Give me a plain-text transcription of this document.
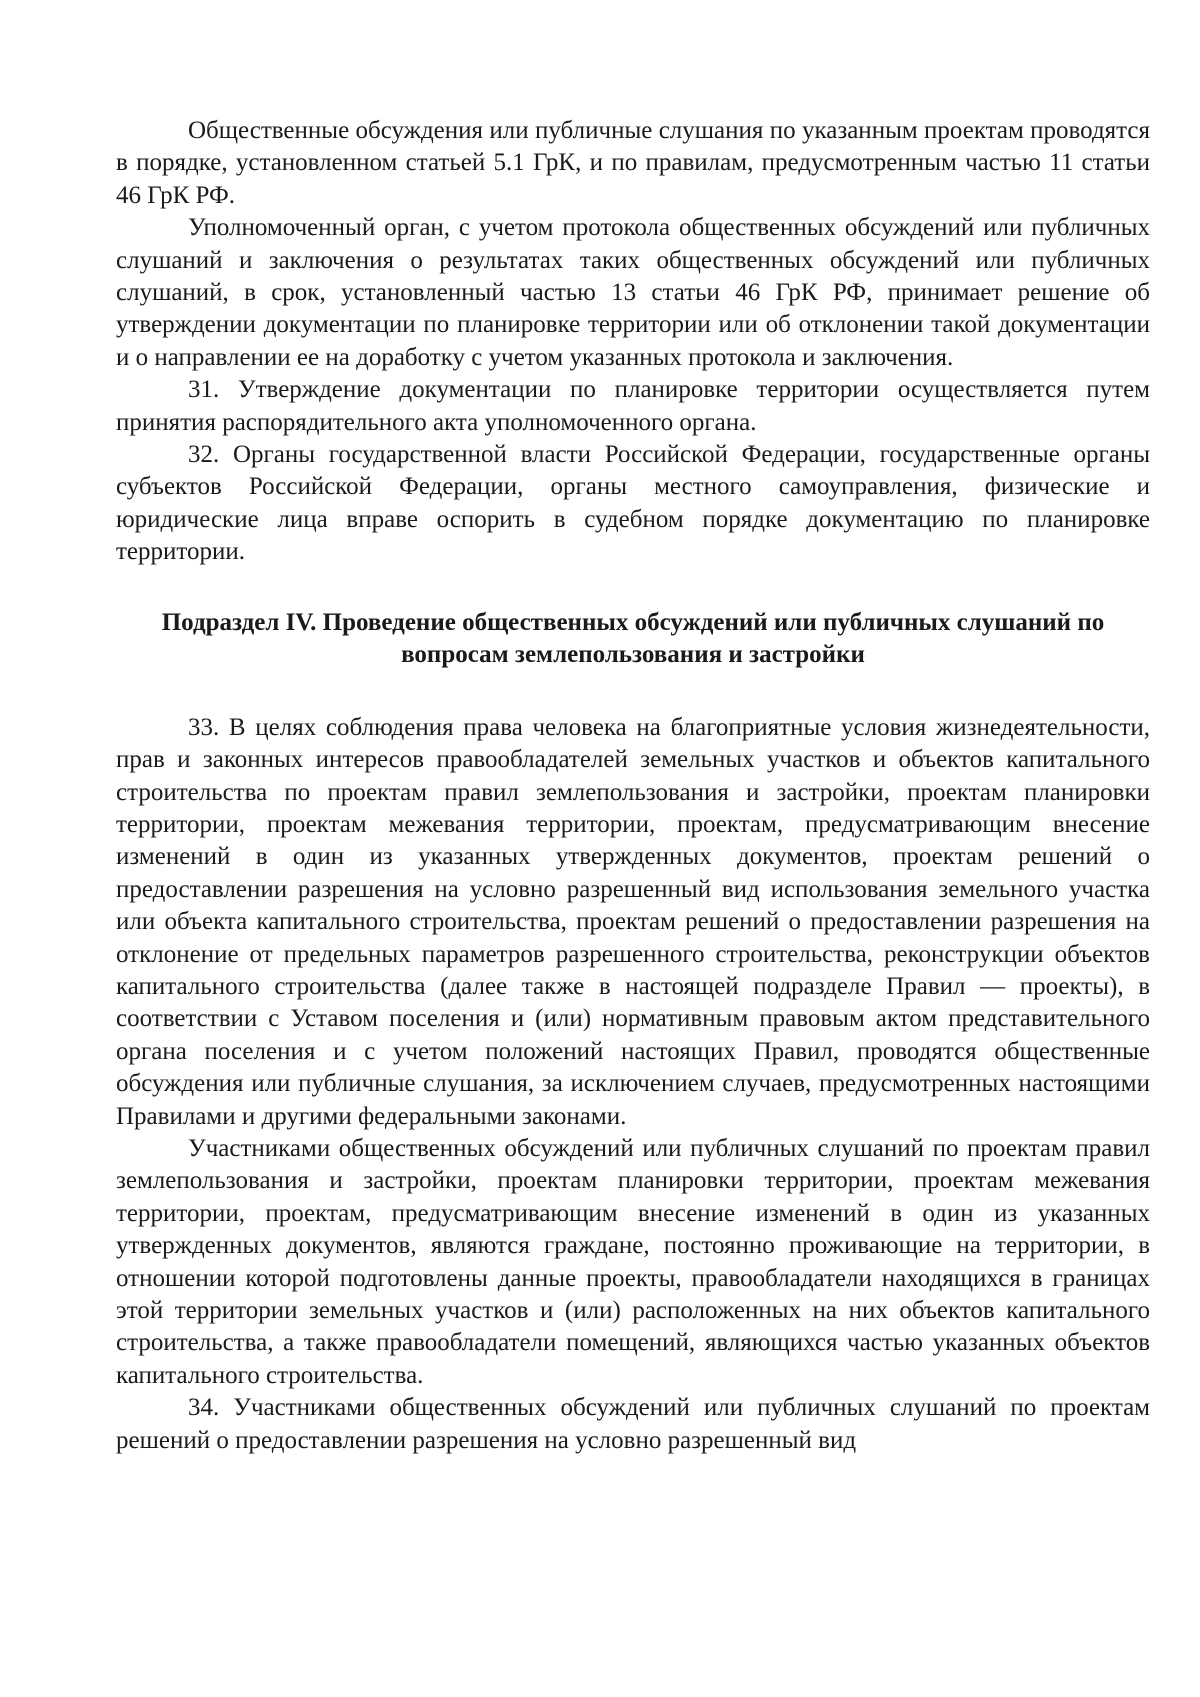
Общественные обсуждения или публичные слушания по указанным проектам проводятся в порядке, установленном статьей 5.1 ГрК, и по правилам, предусмотренным частью 11 статьи 46 ГрК РФ.

Уполномоченный орган, с учетом протокола общественных обсуждений или публичных слушаний и заключения о результатах таких общественных обсуждений или публичных слушаний, в срок, установленный частью 13 статьи 46 ГрК РФ, принимает решение об утверждении документации по планировке территории или об отклонении такой документации и о направлении ее на доработку с учетом указанных протокола и заключения.

31. Утверждение документации по планировке территории осуществляется путем принятия распорядительного акта уполномоченного органа.

32. Органы государственной власти Российской Федерации, государственные органы субъектов Российской Федерации, органы местного самоуправления, физические и юридические лица вправе оспорить в судебном порядке документацию по планировке территории.

Подраздел IV. Проведение общественных обсуждений или публичных слушаний по вопросам землепользования и застройки

33. В целях соблюдения права человека на благоприятные условия жизнедеятельности, прав и законных интересов правообладателей земельных участков и объектов капитального строительства по проектам правил землепользования и застройки, проектам планировки территории, проектам межевания территории, проектам, предусматривающим внесение изменений в один из указанных утвержденных документов, проектам решений о предоставлении разрешения на условно разрешенный вид использования земельного участка или объекта капитального строительства, проектам решений о предоставлении разрешения на отклонение от предельных параметров разрешенного строительства, реконструкции объектов капитального строительства (далее также в настоящей подразделе Правил — проекты), в соответствии с Уставом поселения и (или) нормативным правовым актом представительного органа поселения и с учетом положений настоящих Правил, проводятся общественные обсуждения или публичные слушания, за исключением случаев, предусмотренных настоящими Правилами и другими федеральными законами.

Участниками общественных обсуждений или публичных слушаний по проектам правил землепользования и застройки, проектам планировки территории, проектам межевания территории, проектам, предусматривающим внесение изменений в один из указанных утвержденных документов, являются граждане, постоянно проживающие на территории, в отношении которой подготовлены данные проекты, правообладатели находящихся в границах этой территории земельных участков и (или) расположенных на них объектов капитального строительства, а также правообладатели помещений, являющихся частью указанных объектов капитального строительства.

34. Участниками общественных обсуждений или публичных слушаний по проектам решений о предоставлении разрешения на условно разрешенный вид
